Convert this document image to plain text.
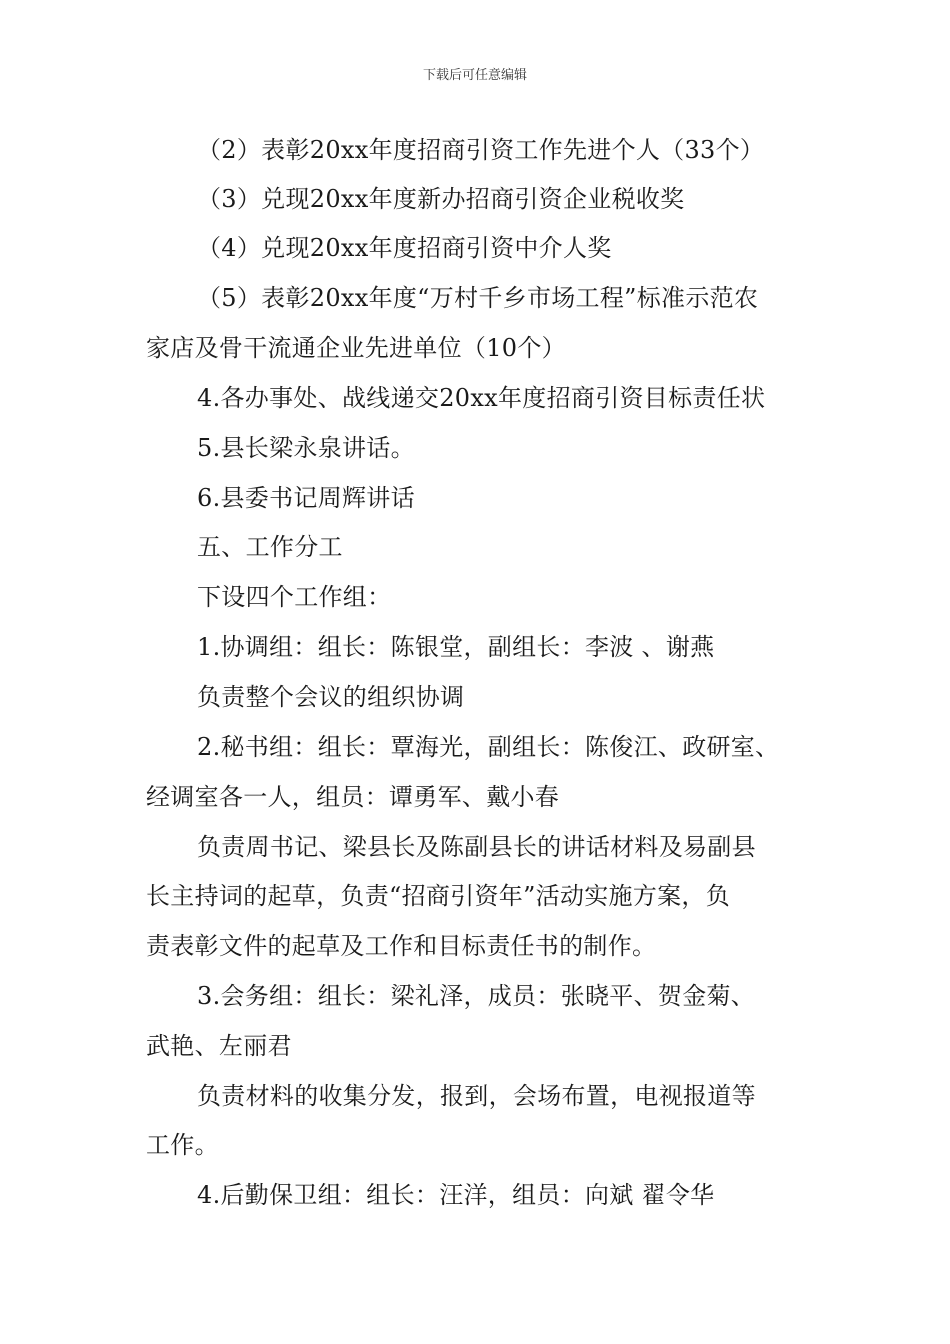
下载后可任意编辑
（2）表彰20xx年度招商引资工作先进个人（33个）
（3）兑现20xx年度新办招商引资企业税收奖
（4）兑现20xx年度招商引资中介人奖
（5）表彰20xx年度“万村千乡市场工程”标准示范农
家店及骨干流通企业先进单位（10个）
4.各办事处、战线递交20xx年度招商引资目标责任状
5.县长梁永泉讲话。
6.县委书记周辉讲话
五、工作分工
下设四个工作组：
1.协调组：组长：陈银堂，副组长：李波 、谢燕
负责整个会议的组织协调
2.秘书组：组长：覃海光，副组长：陈俊江、政研室、
经调室各一人，组员：谭勇军、戴小春
负责周书记、梁县长及陈副县长的讲话材料及易副县
长主持词的起草，负责“招商引资年”活动实施方案，负
责表彰文件的起草及工作和目标责任书的制作。
3.会务组：组长：梁礼泽，成员：张晓平、贺金菊、
武艳、左丽君
负责材料的收集分发，报到，会场布置，电视报道等
工作。
4.后勤保卫组：组长：汪洋，组员：向斌 翟令华
